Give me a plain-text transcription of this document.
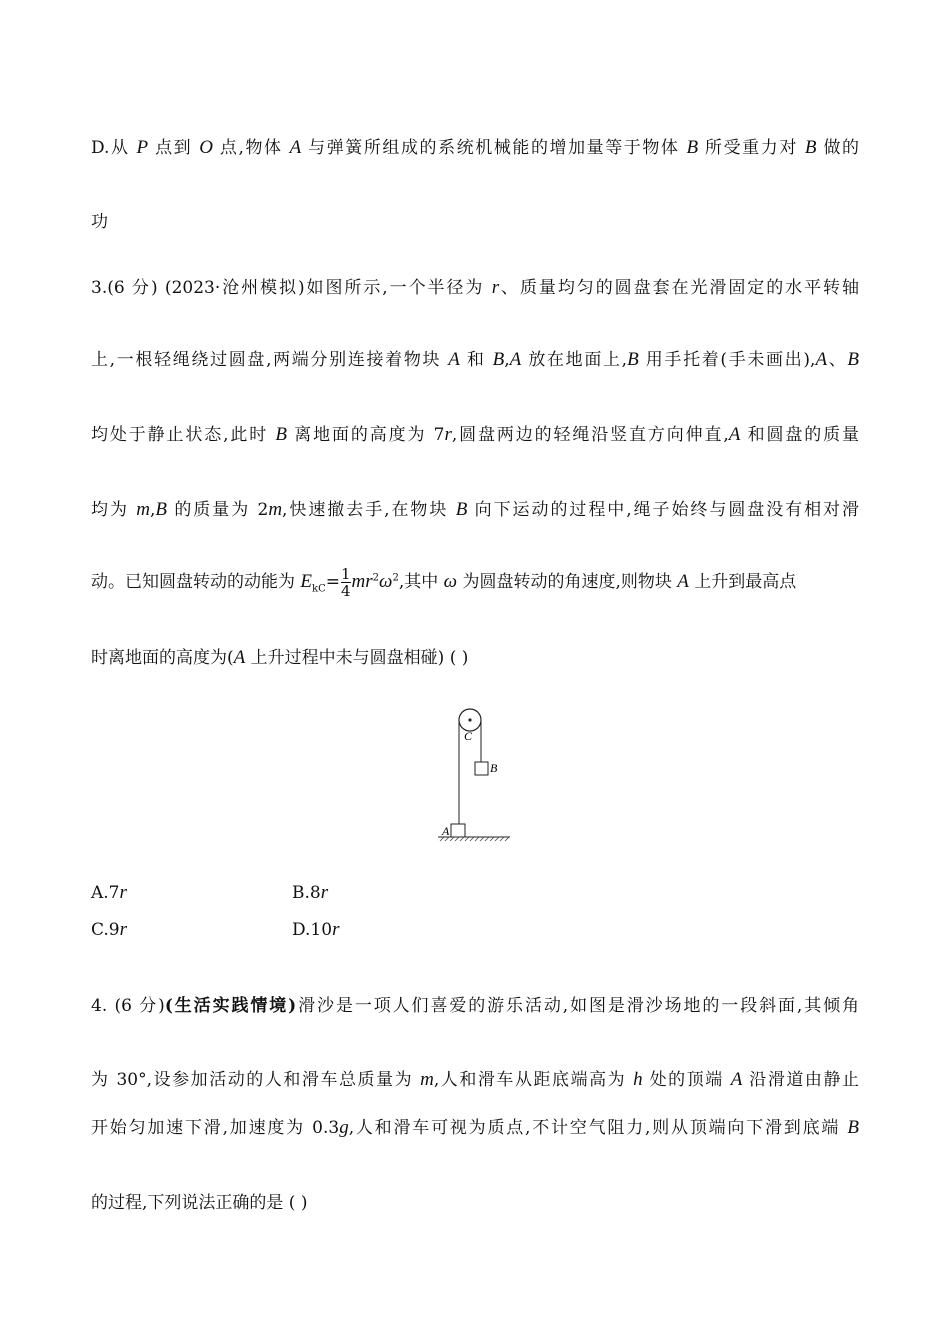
D.从 P 点到 O 点,物体 A 与弹簧所组成的系统机械能的增加量等于物体 B 所受重力对 B 做的
功
3.(6 分) (2023·沧州模拟)如图所示,一个半径为 r、质量均匀的圆盘套在光滑固定的水平转轴
上,一根轻绳绕过圆盘,两端分别连接着物块 A 和 B,A 放在地面上,B 用手托着(手未画出),A、B
均处于静止状态,此时 B 离地面的高度为 7r,圆盘两边的轻绳沿竖直方向伸直,A 和圆盘的质量
均为 m,B 的质量为 2m,快速撤去手,在物块 B 向下运动的过程中,绳子始终与圆盘没有相对滑
动。已知圆盘转动的动能为 $E_{kC}= \frac{1}{4} mr^2\omega^2$,其中 ω 为圆盘转动的角速度,则物块 A 上升到最高点
时离地面的高度为(A 上升过程中未与圆盘相碰) ( )
C
B
A
A.7r	B.8r
C.9r	D.10r
4. (6 分)(生活实践情境)滑沙是一项人们喜爱的游乐活动,如图是滑沙场地的一段斜面,其倾角
为 30°,设参加活动的人和滑车总质量为 m,人和滑车从距底端高为 h 处的顶端 A 沿滑道由静止
开始匀加速下滑,加速度为 0.3g,人和滑车可视为质点,不计空气阻力,则从顶端向下滑到底端 B
的过程,下列说法正确的是 ( )
